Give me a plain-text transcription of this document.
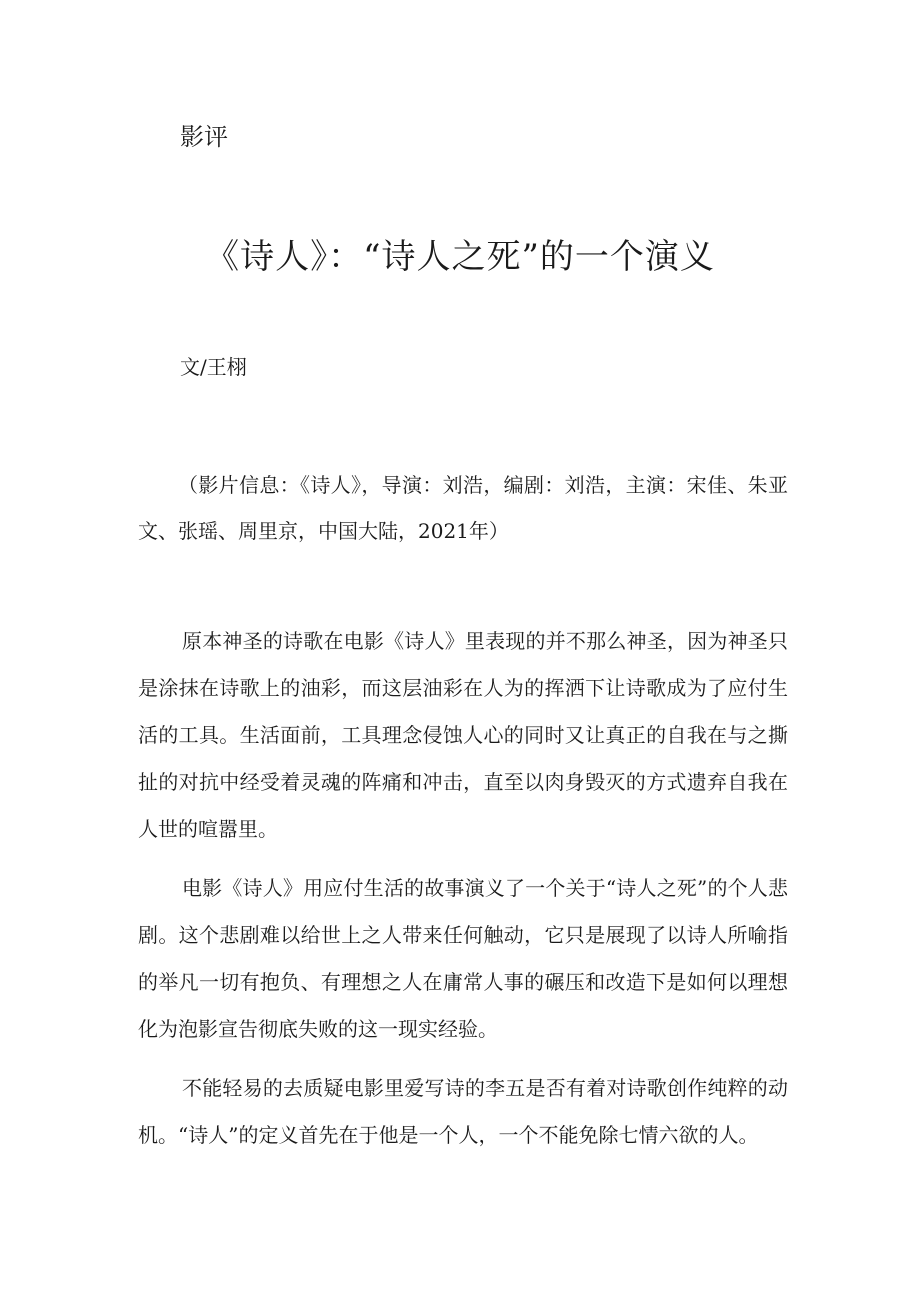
影评
《诗人》：“诗人之死”的一个演义
文/王栩
（影片信息：《诗人》，导演：刘浩，编剧：刘浩，主演：宋佳、朱亚文、张瑶、周里京，中国大陆，2021年）

原本神圣的诗歌在电影《诗人》里表现的并不那么神圣，因为神圣只是涂抹在诗歌上的油彩，而这层油彩在人为的挥洒下让诗歌成为了应付生活的工具。生活面前，工具理念侵蚀人心的同时又让真正的自我在与之撕扯的对抗中经受着灵魂的阵痛和冲击，直至以肉身毁灭的方式遗弃自我在人世的喧嚣里。

电影《诗人》用应付生活的故事演义了一个关于“诗人之死”的个人悲剧。这个悲剧难以给世上之人带来任何触动，它只是展现了以诗人所喻指的举凡一切有抱负、有理想之人在庸常人事的碾压和改造下是如何以理想化为泡影宣告彻底失败的这一现实经验。

不能轻易的去质疑电影里爱写诗的李五是否有着对诗歌创作纯粹的动机。“诗人”的定义首先在于他是一个人，一个不能免除七情六欲的人。
